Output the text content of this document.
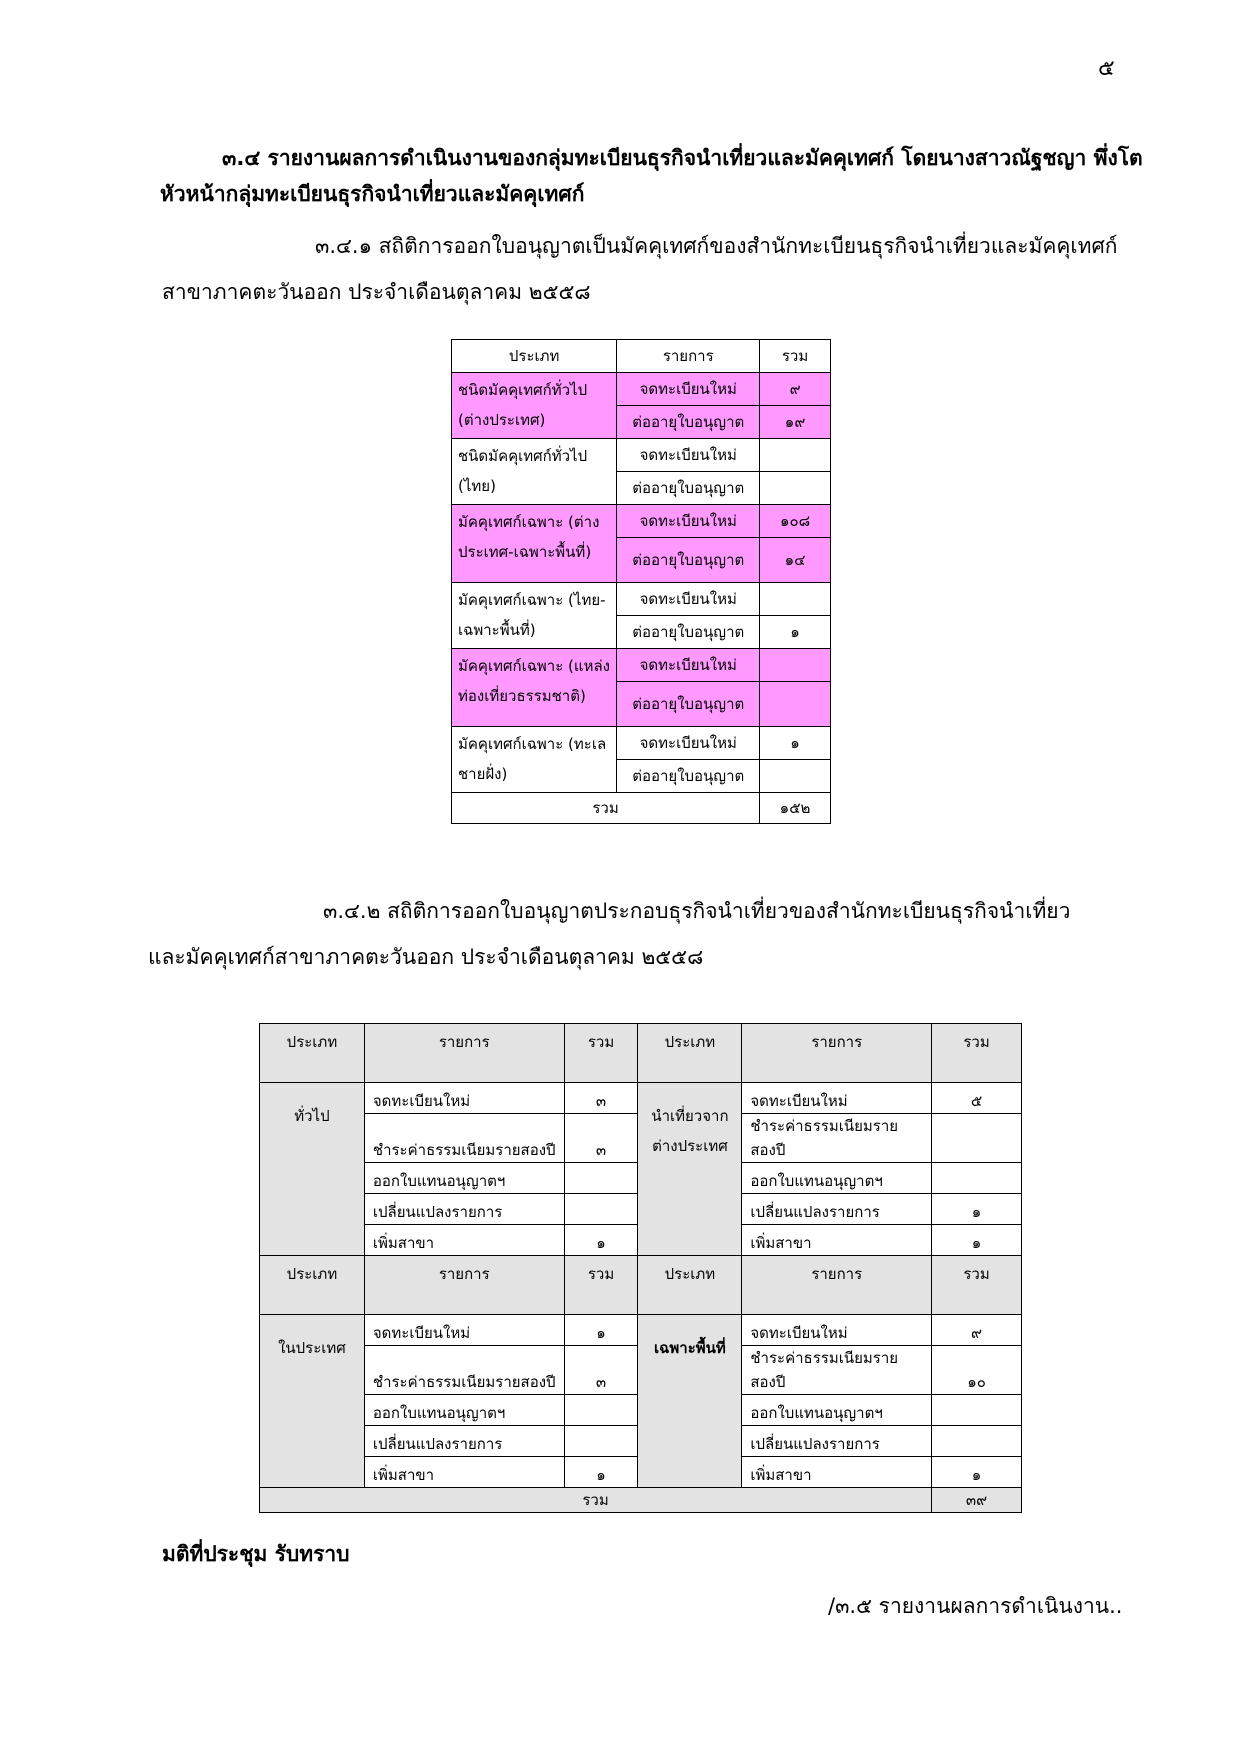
๕
๓.๔ รายงานผลการดำเนินงานของกลุ่มทะเบียนธุรกิจนำเที่ยวและมัคคุเทศก์ โดยนางสาวณัฐชญา พึ่งโต
หัวหน้ากลุ่มทะเบียนธุรกิจนำเที่ยวและมัคคุเทศก์
๓.๔.๑ สถิติการออกใบอนุญาตเป็นมัคคุเทศก์ของสำนักทะเบียนธุรกิจนำเที่ยวและมัคคุเทศก์
สาขาภาคตะวันออก ประจำเดือนตุลาคม ๒๕๕๘
ประเภท	รายการ	รวม
ชนิดมัคคุเทศก์ทั่วไป (ต่างประเทศ)	จดทะเบียนใหม่	๙
	ต่ออายุใบอนุญาต	๑๙
ชนิดมัคคุเทศก์ทั่วไป (ไทย)	จดทะเบียนใหม่	
	ต่ออายุใบอนุญาต	
มัคคุเทศก์เฉพาะ (ต่างประเทศ-เฉพาะพื้นที่)	จดทะเบียนใหม่	๑๐๘
	ต่ออายุใบอนุญาต	๑๔
มัคคุเทศก์เฉพาะ (ไทย-เฉพาะพื้นที่)	จดทะเบียนใหม่	
	ต่ออายุใบอนุญาต	๑
มัคคุเทศก์เฉพาะ (แหล่งท่องเที่ยวธรรมชาติ)	จดทะเบียนใหม่	
	ต่ออายุใบอนุญาต	
มัคคุเทศก์เฉพาะ (ทะเลชายฝั่ง)	จดทะเบียนใหม่	๑
	ต่ออายุใบอนุญาต	
รวม		๑๕๒
๓.๔.๒ สถิติการออกใบอนุญาตประกอบธุรกิจนำเที่ยวของสำนักทะเบียนธุรกิจนำเที่ยว
และมัคคุเทศก์สาขาภาคตะวันออก ประจำเดือนตุลาคม ๒๕๕๘
ประเภท	รายการ	รวม	ประเภท	รายการ	รวม
ทั่วไป	จดทะเบียนใหม่	๓	นำเที่ยวจากต่างประเทศ	จดทะเบียนใหม่	๕
	ชำระค่าธรรมเนียมรายสองปี	๓		ชำระค่าธรรมเนียมรายสองปี	
	ออกใบแทนอนุญาตฯ			ออกใบแทนอนุญาตฯ	
	เปลี่ยนแปลงรายการ			เปลี่ยนแปลงรายการ	๑
	เพิ่มสาขา	๑		เพิ่มสาขา	๑
ประเภท	รายการ	รวม	ประเภท	รายการ	รวม
ในประเทศ	จดทะเบียนใหม่	๑	เฉพาะพื้นที่	จดทะเบียนใหม่	๙
	ชำระค่าธรรมเนียมรายสองปี	๓		ชำระค่าธรรมเนียมรายสองปี	๑๐
	ออกใบแทนอนุญาตฯ			ออกใบแทนอนุญาตฯ	
	เปลี่ยนแปลงรายการ			เปลี่ยนแปลงรายการ	
	เพิ่มสาขา	๑		เพิ่มสาขา	๑
รวม					๓๙
มติที่ประชุม รับทราบ
/๓.๕ รายงานผลการดำเนินงาน..
